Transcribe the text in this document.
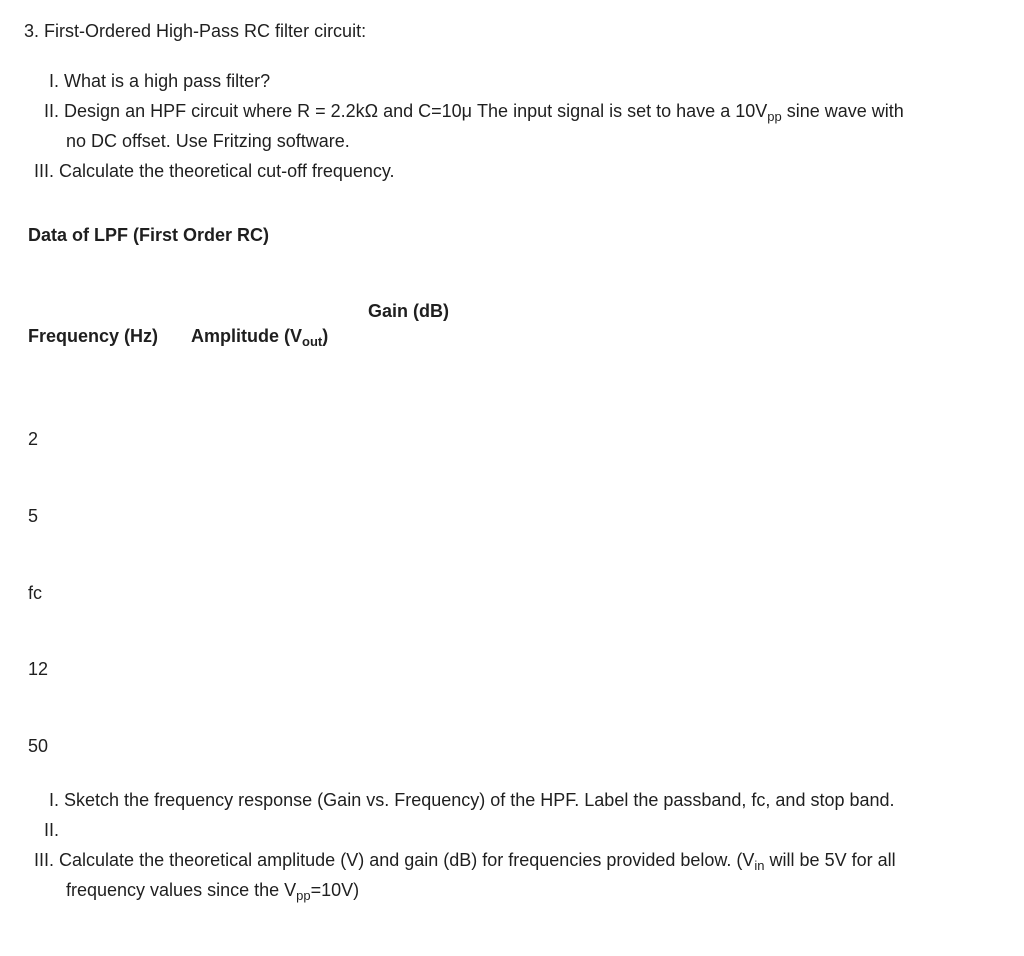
3. First-Ordered High-Pass RC filter circuit:
I. What is a high pass filter?
II. Design an HPF circuit where R = 2.2kΩ and C=10μ The input signal is set to have a $10V_{pp}$ sine wave with
no DC offset. Use Fritzing software.
III. Calculate the theoretical cut-off frequency.
Data of LPF (First Order RC)
Gain (dB)
Frequency (Hz) Amplitude $(V_{out})$
2
5
fc
12
50
I. Sketch the frequency response (Gain vs. Frequency) of the HPF. Label the passband, fc, and stop band.
II.
III. Calculate the theoretical amplitude (V) and gain (dB) for frequencies provided below. ($V_{in}$ will be 5V for all
frequency values since the $V_{pp}=10V$)
